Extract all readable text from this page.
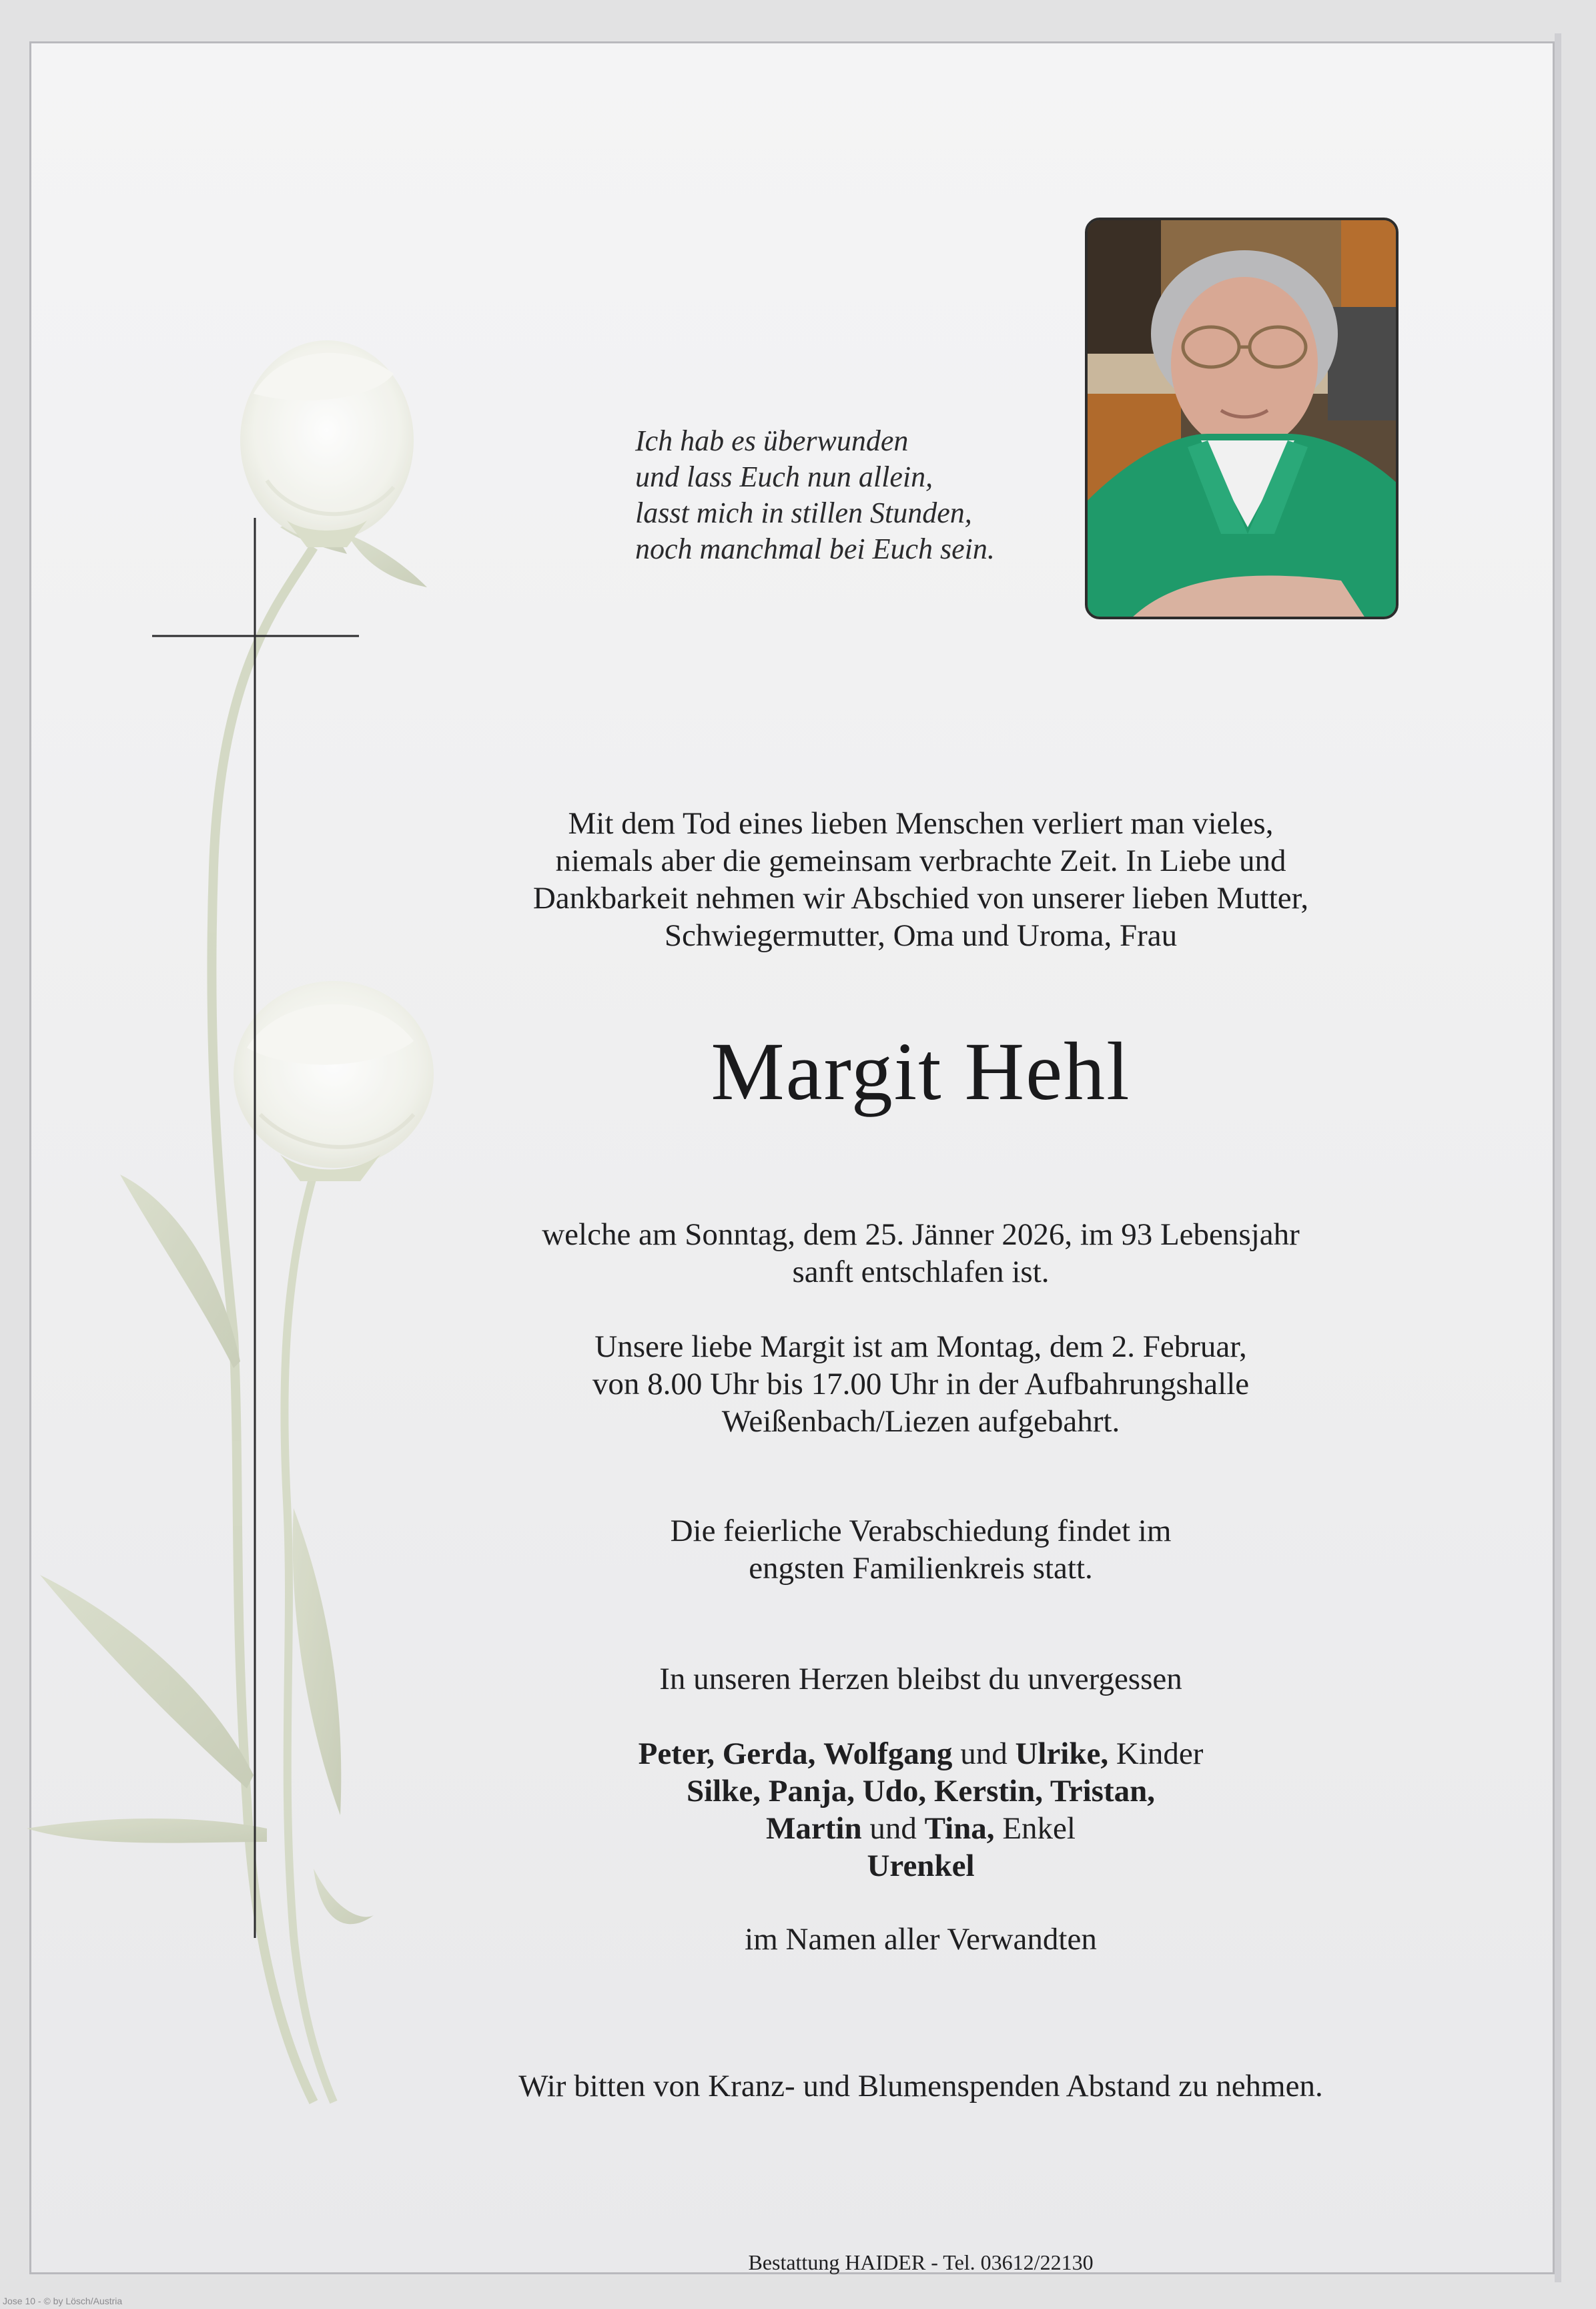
Ich hab es überwunden
und lass Euch nun allein,
lasst mich in stillen Stunden,
noch manchmal bei Euch sein.
Mit dem Tod eines lieben Menschen verliert man vieles,
niemals aber die gemeinsam verbrachte Zeit. In Liebe und
Dankbarkeit nehmen wir Abschied von unserer lieben Mutter,
Schwiegermutter, Oma und Uroma, Frau
Margit Hehl
welche am Sonntag, dem 25. Jänner 2026, im 93 Lebensjahr
sanft entschlafen ist.
Unsere liebe Margit ist am Montag, dem 2. Februar,
von 8.00 Uhr bis 17.00 Uhr in der Aufbahrungshalle
Weißenbach/Liezen aufgebahrt.
Die feierliche Verabschiedung findet im
engsten Familienkreis statt.
In unseren Herzen bleibst du unvergessen
Peter, Gerda, Wolfgang und Ulrike, Kinder
Silke, Panja, Udo, Kerstin, Tristan,
Martin und Tina, Enkel
Urenkel
im Namen aller Verwandten
Wir bitten von Kranz- und Blumenspenden Abstand zu nehmen.
Bestattung HAIDER - Tel. 03612/22130
Jose 10 - © by Lösch/Austria
